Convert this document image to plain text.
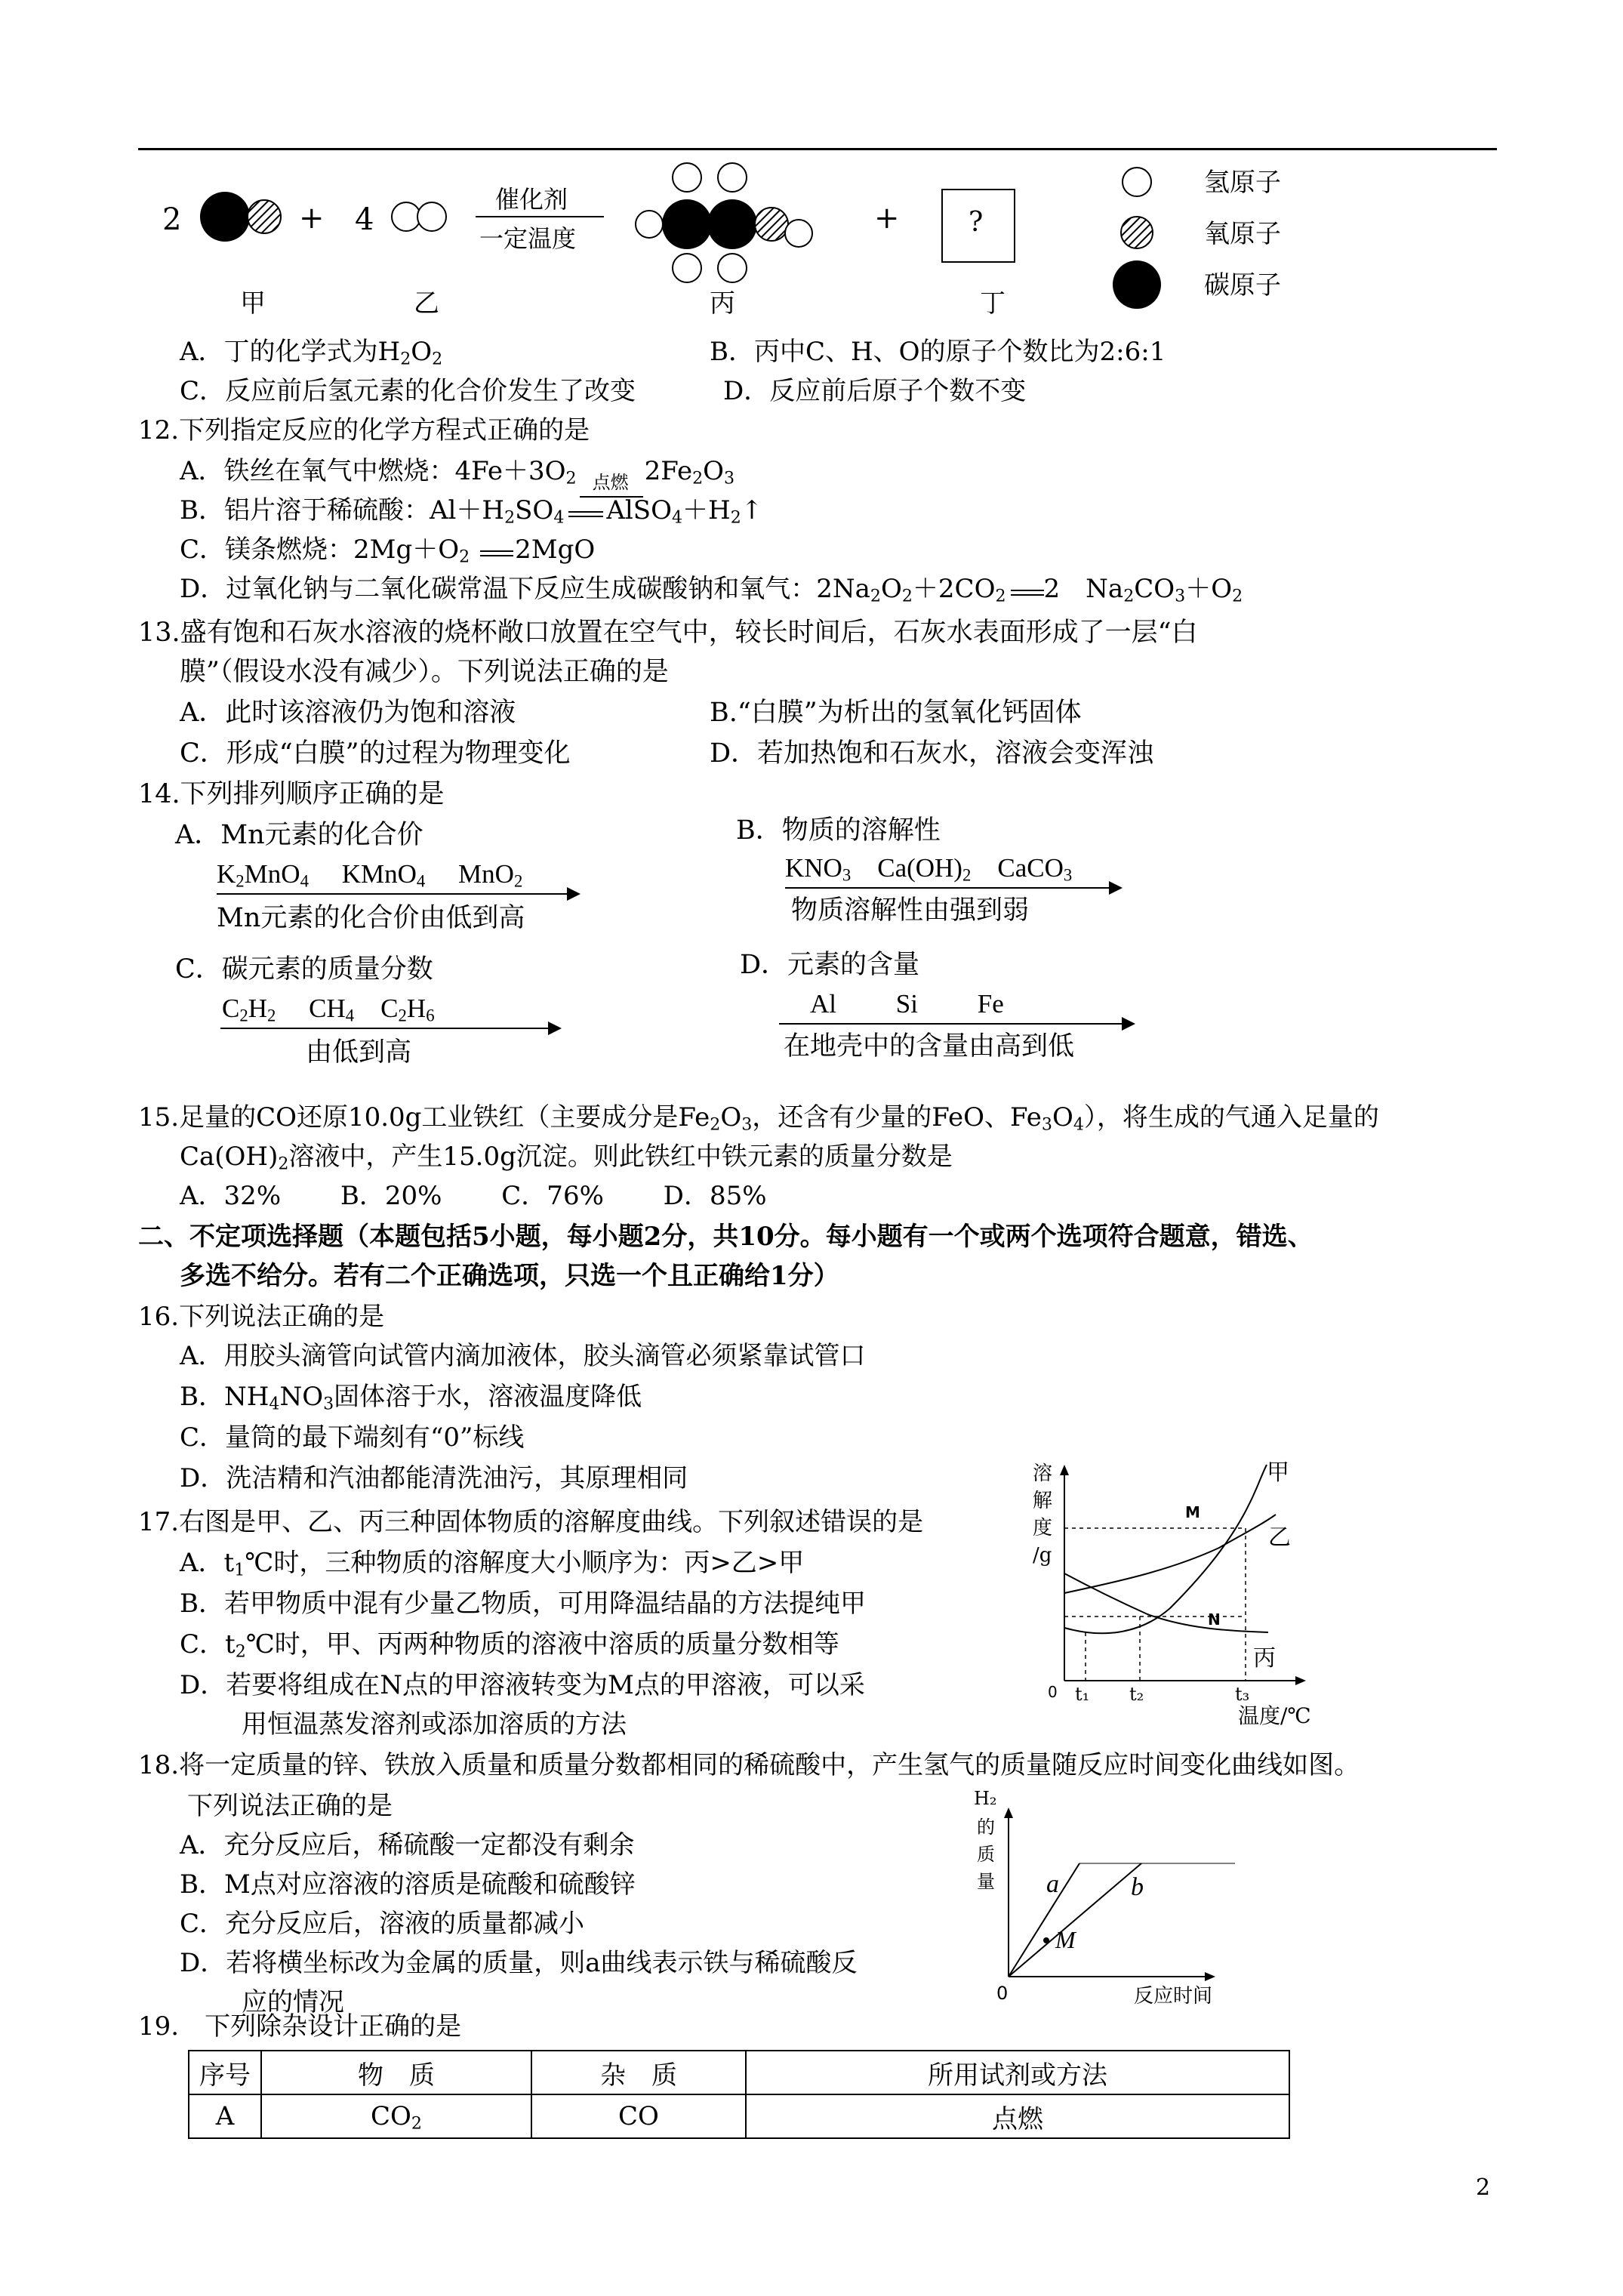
2	+ 4
催化剂
一定温度
+	?
氢原子
氧原子
碳原子
甲	乙	丙	丁
A．丁的化学式为$H_2O_2$	B．丙中C、H、O的原子个数比为2:6:1
C．反应前后氢元素的化合价发生了改变	D．反应前后原子个数不变
12.下列指定反应的化学方程式正确的是
A．铁丝在氧气中燃烧：$4Fe+3O_2$ 点燃 $2Fe_2O_3$
B．铝片溶于稀硫酸：$Al+H_2SO_4$ $AlSO_4+H_2↑$
C．镁条燃烧：$2Mg+O_2$ 2MgO
D．过氧化钠与二氧化碳常温下反应生成碳酸钠和氧气：$2Na_2O_2+2CO_2$ 2　 $Na_2CO_3+O_2$
13.盛有饱和石灰水溶液的烧杯敞口放置在空气中，较长时间后，石灰水表面形成了一层“白
膜”（假设水没有减少）。下列说法正确的是
A．此时该溶液仍为饱和溶液	B.“白膜”为析出的氢氧化钙固体
C．形成“白膜”的过程为物理变化	D．若加热饱和石灰水，溶液会变浑浊
14.下列排列顺序正确的是
A．Mn元素的化合价
$K_2MnO_4$　 KMnO$_4$　 MnO$_2$
Mn元素的化合价由低到高
B．物质的溶解性
$KNO_3$　 $Ca(OH)_2$　 CaCO$_3$
物质溶解性由强到弱
C．碳元素的质量分数
$C_2H_2$　 $CH_4$　 $C_2H_6$
由低到高
D．元素的含量
Al　　 Si　　 Fe
在地壳中的含量由高到低
15.足量的CO还原10.0g工业铁红（主要成分是$Fe_2O_3$，还含有少量的FeO、$Fe_3O_4$），将生成的气通入足量的
$Ca(OH)_2$溶液中，产生15.0g沉淀。则此铁红中铁元素的质量分数是
A．32%　　 B．20%　　 C．76%　　 D．85%
二、不定项选择题（本题包括5小题，每小题2分，共10分。每小题有一个或两个选项符合题意，错选、
多选不给分。若有二个正确选项，只选一个且正确给1分）
16.下列说法正确的是
A．用胶头滴管向试管内滴加液体，胶头滴管必须紧靠试管口
B．$NH_4NO_3$固体溶于水，溶液温度降低
C．量筒的最下端刻有“0”标线
D．洗洁精和汽油都能清洗油污，其原理相同
17.右图是甲、乙、丙三种固体物质的溶解度曲线。下列叙述错误的是
A．$t_1℃$时，三种物质的溶解度大小顺序为：丙>乙>甲
B．若甲物质中混有少量乙物质，可用降温结晶的方法提纯甲
C．$t_2℃$时，甲、丙两种物质的溶液中溶质的质量分数相等
D．若要将组成在N点的甲溶液转变为M点的甲溶液，可以采
用恒温蒸发溶剂或添加溶质的方法
溶
解
度
/g
甲
乙
丙
M
N
0 t₁ t₂	t₃
温度/℃
18.将一定质量的锌、铁放入质量和质量分数都相同的稀硫酸中，产生氢气的质量随反应时间变化曲线如图。
下列说法正确的是
A．充分反应后，稀硫酸一定都没有剩余
B．M点对应溶液的溶质是硫酸和硫酸锌
C．充分反应后，溶液的质量都减小
D．若将横坐标改为金属的质量，则a曲线表示铁与稀硫酸反
应的情况
H₂
的
质
量 a	b
M
0	反应时间
19.　下列除杂设计正确的是
序号	物　质	杂　质	所用试剂或方法
A	$CO_2$	CO	点燃
2
